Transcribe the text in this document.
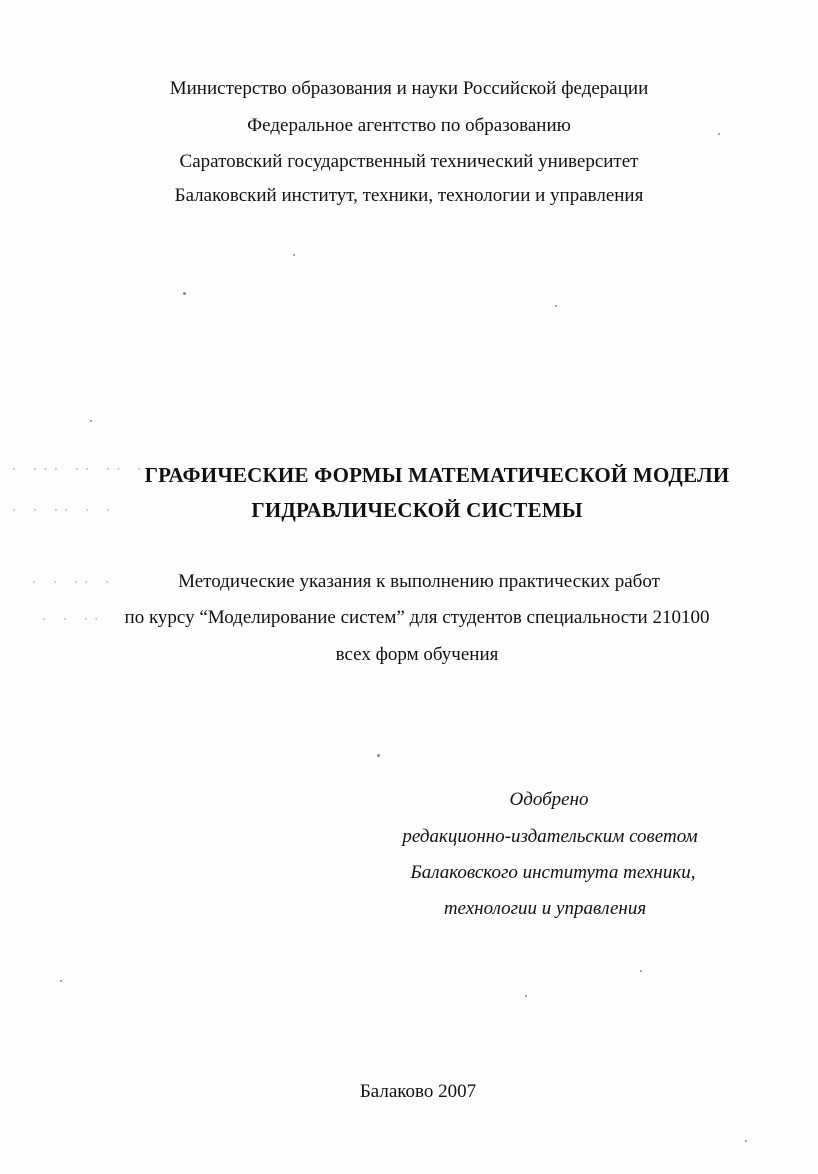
· ··· ·· ·· ·
· · ·· · ·
· · ·· ·
· · ··
Министерство образования и науки Российской федерации
Федеральное агентство по образованию
Саратовский государственный технический университет
Балаковский институт, техники, технологии и управления
ГРАФИЧЕСКИЕ ФОРМЫ МАТЕМАТИЧЕСКОЙ МОДЕЛИ
ГИДРАВЛИЧЕСКОЙ СИСТЕМЫ
Методические указания к выполнению практических работ
по курсу “Моделирование систем” для студентов специальности 210100
всех форм обучения
Одобрено
редакционно-издательским советом
Балаковского института техники,
технологии и управления
Балаково 2007
